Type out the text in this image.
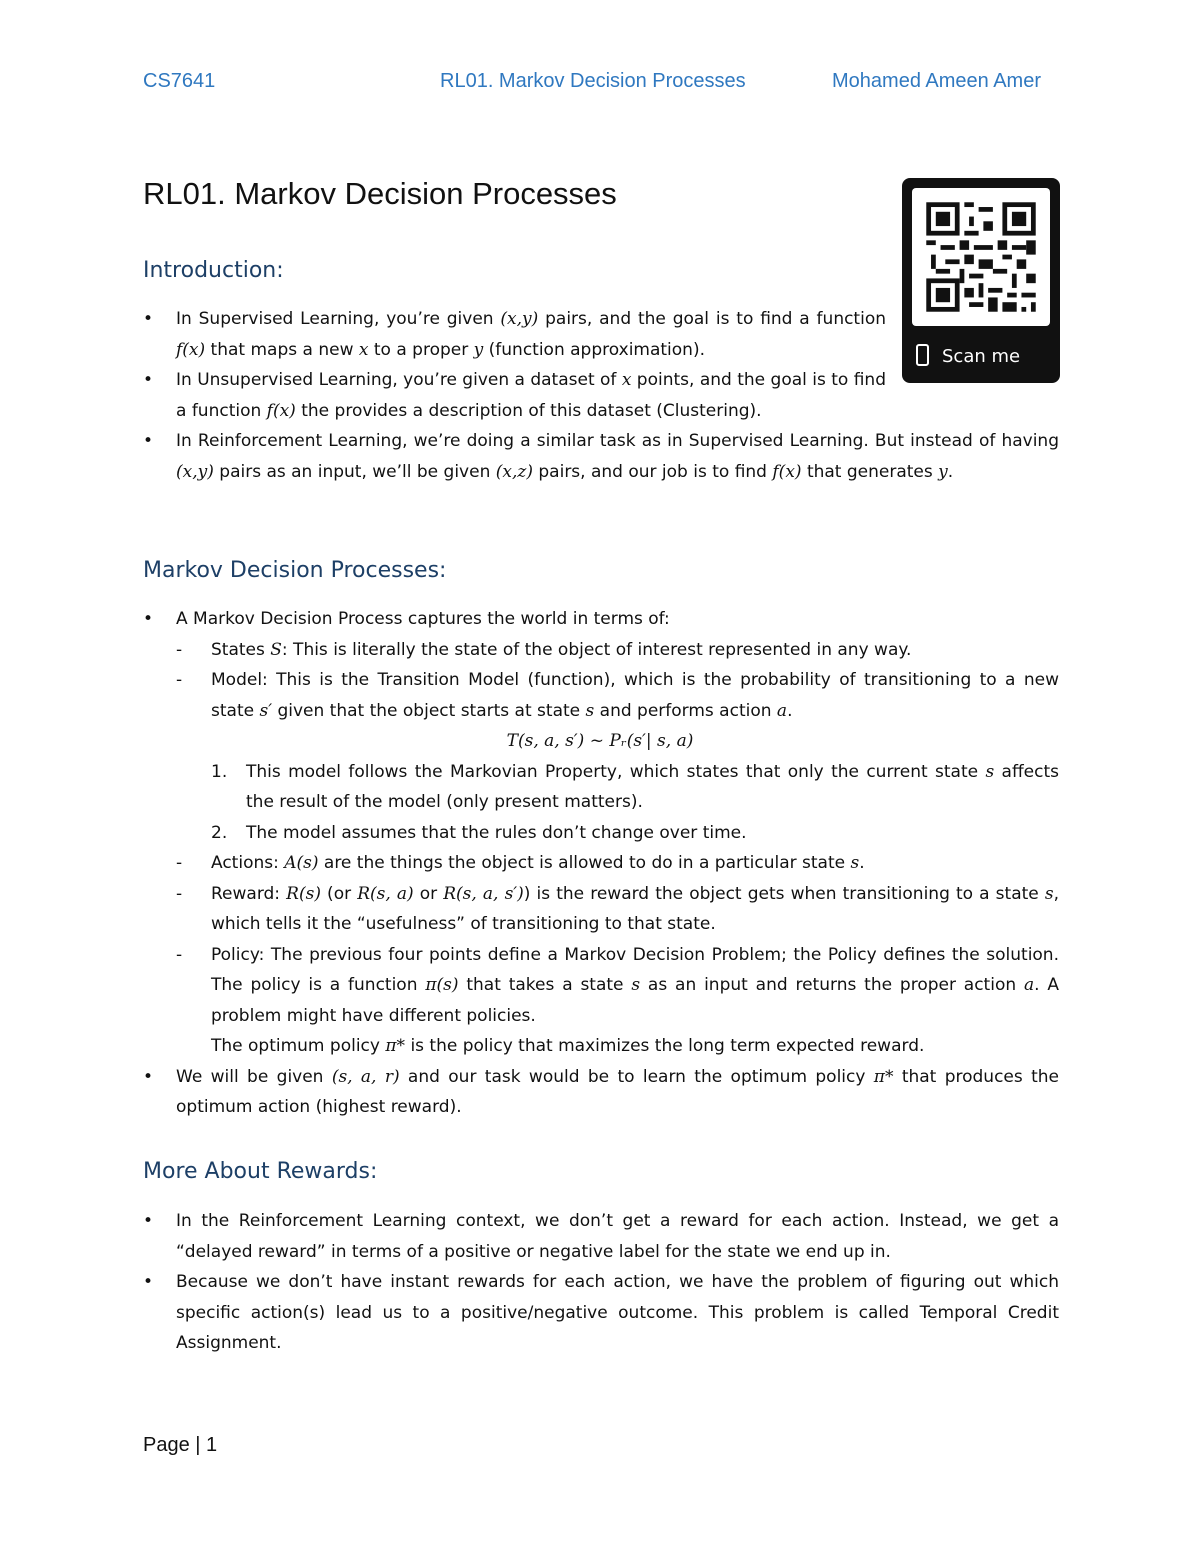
CS7641	RL01. Markov Decision Processes	Mohamed Ameen Amer
RL01. Markov Decision Processes
Scan me
Introduction:
• In Supervised Learning, you’re given (x,y) pairs, and the goal is to find a function f(x) that maps a new x to a proper y (function approximation).
• In Unsupervised Learning, you’re given a dataset of x points, and the goal is to find a function f(x) the provides a description of this dataset (Clustering).
• In Reinforcement Learning, we’re doing a similar task as in Supervised Learning. But instead of having (x,y) pairs as an input, we’ll be given (x,z) pairs, and our job is to find f(x) that generates y.
Markov Decision Processes:
• A Markov Decision Process captures the world in terms of:
- States S: This is literally the state of the object of interest represented in any way.
- Model: This is the Transition Model (function), which is the probability of transitioning to a new state s′ given that the object starts at state s and performs action a.
T(s, a, s′) ~ Pᵣ(s′| s, a)
1. This model follows the Markovian Property, which states that only the current state s affects the result of the model (only present matters).
2. The model assumes that the rules don’t change over time.
- Actions: A(s) are the things the object is allowed to do in a particular state s.
- Reward: R(s) (or R(s, a) or R(s, a, s′)) is the reward the object gets when transitioning to a state s, which tells it the “usefulness” of transitioning to that state.
- Policy: The previous four points define a Markov Decision Problem; the Policy defines the solution. The policy is a function π(s) that takes a state s as an input and returns the proper action a. A problem might have different policies.
The optimum policy π* is the policy that maximizes the long term expected reward.
• We will be given (s, a, r) and our task would be to learn the optimum policy π* that produces the optimum action (highest reward).
More About Rewards:
• In the Reinforcement Learning context, we don’t get a reward for each action. Instead, we get a “delayed reward” in terms of a positive or negative label for the state we end up in.
• Because we don’t have instant rewards for each action, we have the problem of figuring out which specific action(s) lead us to a positive/negative outcome. This problem is called Temporal Credit Assignment.
Page | 1
